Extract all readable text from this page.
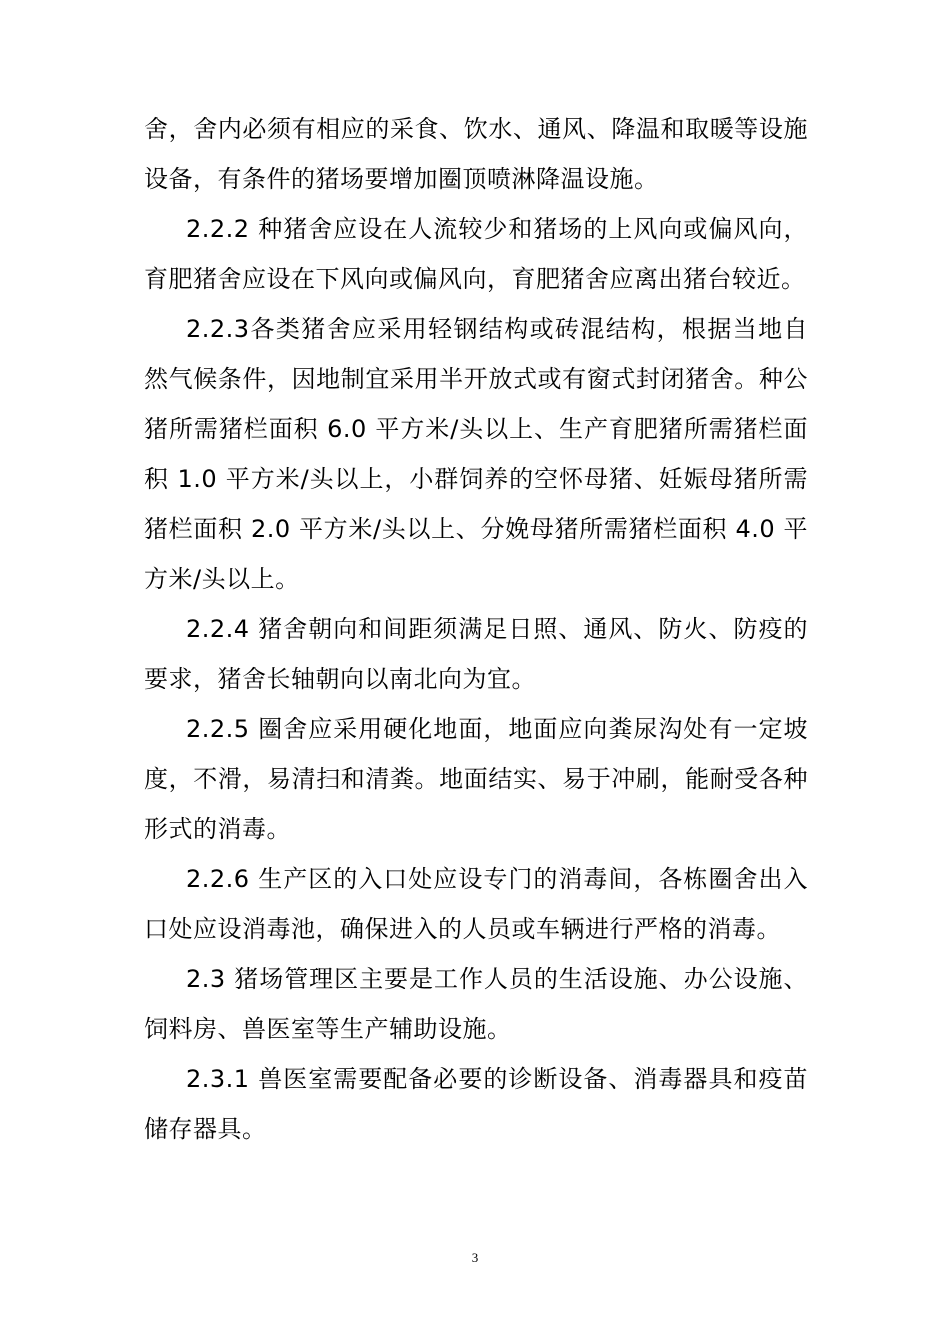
舍，舍内必须有相应的采食、饮水、通风、降温和取暖等设施设备，有条件的猪场要增加圈顶喷淋降温设施。

2.2.2 种猪舍应设在人流较少和猪场的上风向或偏风向，育肥猪舍应设在下风向或偏风向，育肥猪舍应离出猪台较近。

2.2.3各类猪舍应采用轻钢结构或砖混结构，根据当地自然气候条件，因地制宜采用半开放式或有窗式封闭猪舍。种公猪所需猪栏面积 6.0 平方米/头以上、生产育肥猪所需猪栏面积 1.0 平方米/头以上，小群饲养的空怀母猪、妊娠母猪所需猪栏面积 2.0 平方米/头以上、分娩母猪所需猪栏面积 4.0 平方米/头以上。

2.2.4 猪舍朝向和间距须满足日照、通风、防火、防疫的要求，猪舍长轴朝向以南北向为宜。

2.2.5 圈舍应采用硬化地面，地面应向粪尿沟处有一定坡度，不滑，易清扫和清粪。地面结实、易于冲刷，能耐受各种形式的消毒。

2.2.6 生产区的入口处应设专门的消毒间，各栋圈舍出入口处应设消毒池，确保进入的人员或车辆进行严格的消毒。

2.3 猪场管理区主要是工作人员的生活设施、办公设施、饲料房、兽医室等生产辅助设施。

2.3.1 兽医室需要配备必要的诊断设备、消毒器具和疫苗储存器具。

3
